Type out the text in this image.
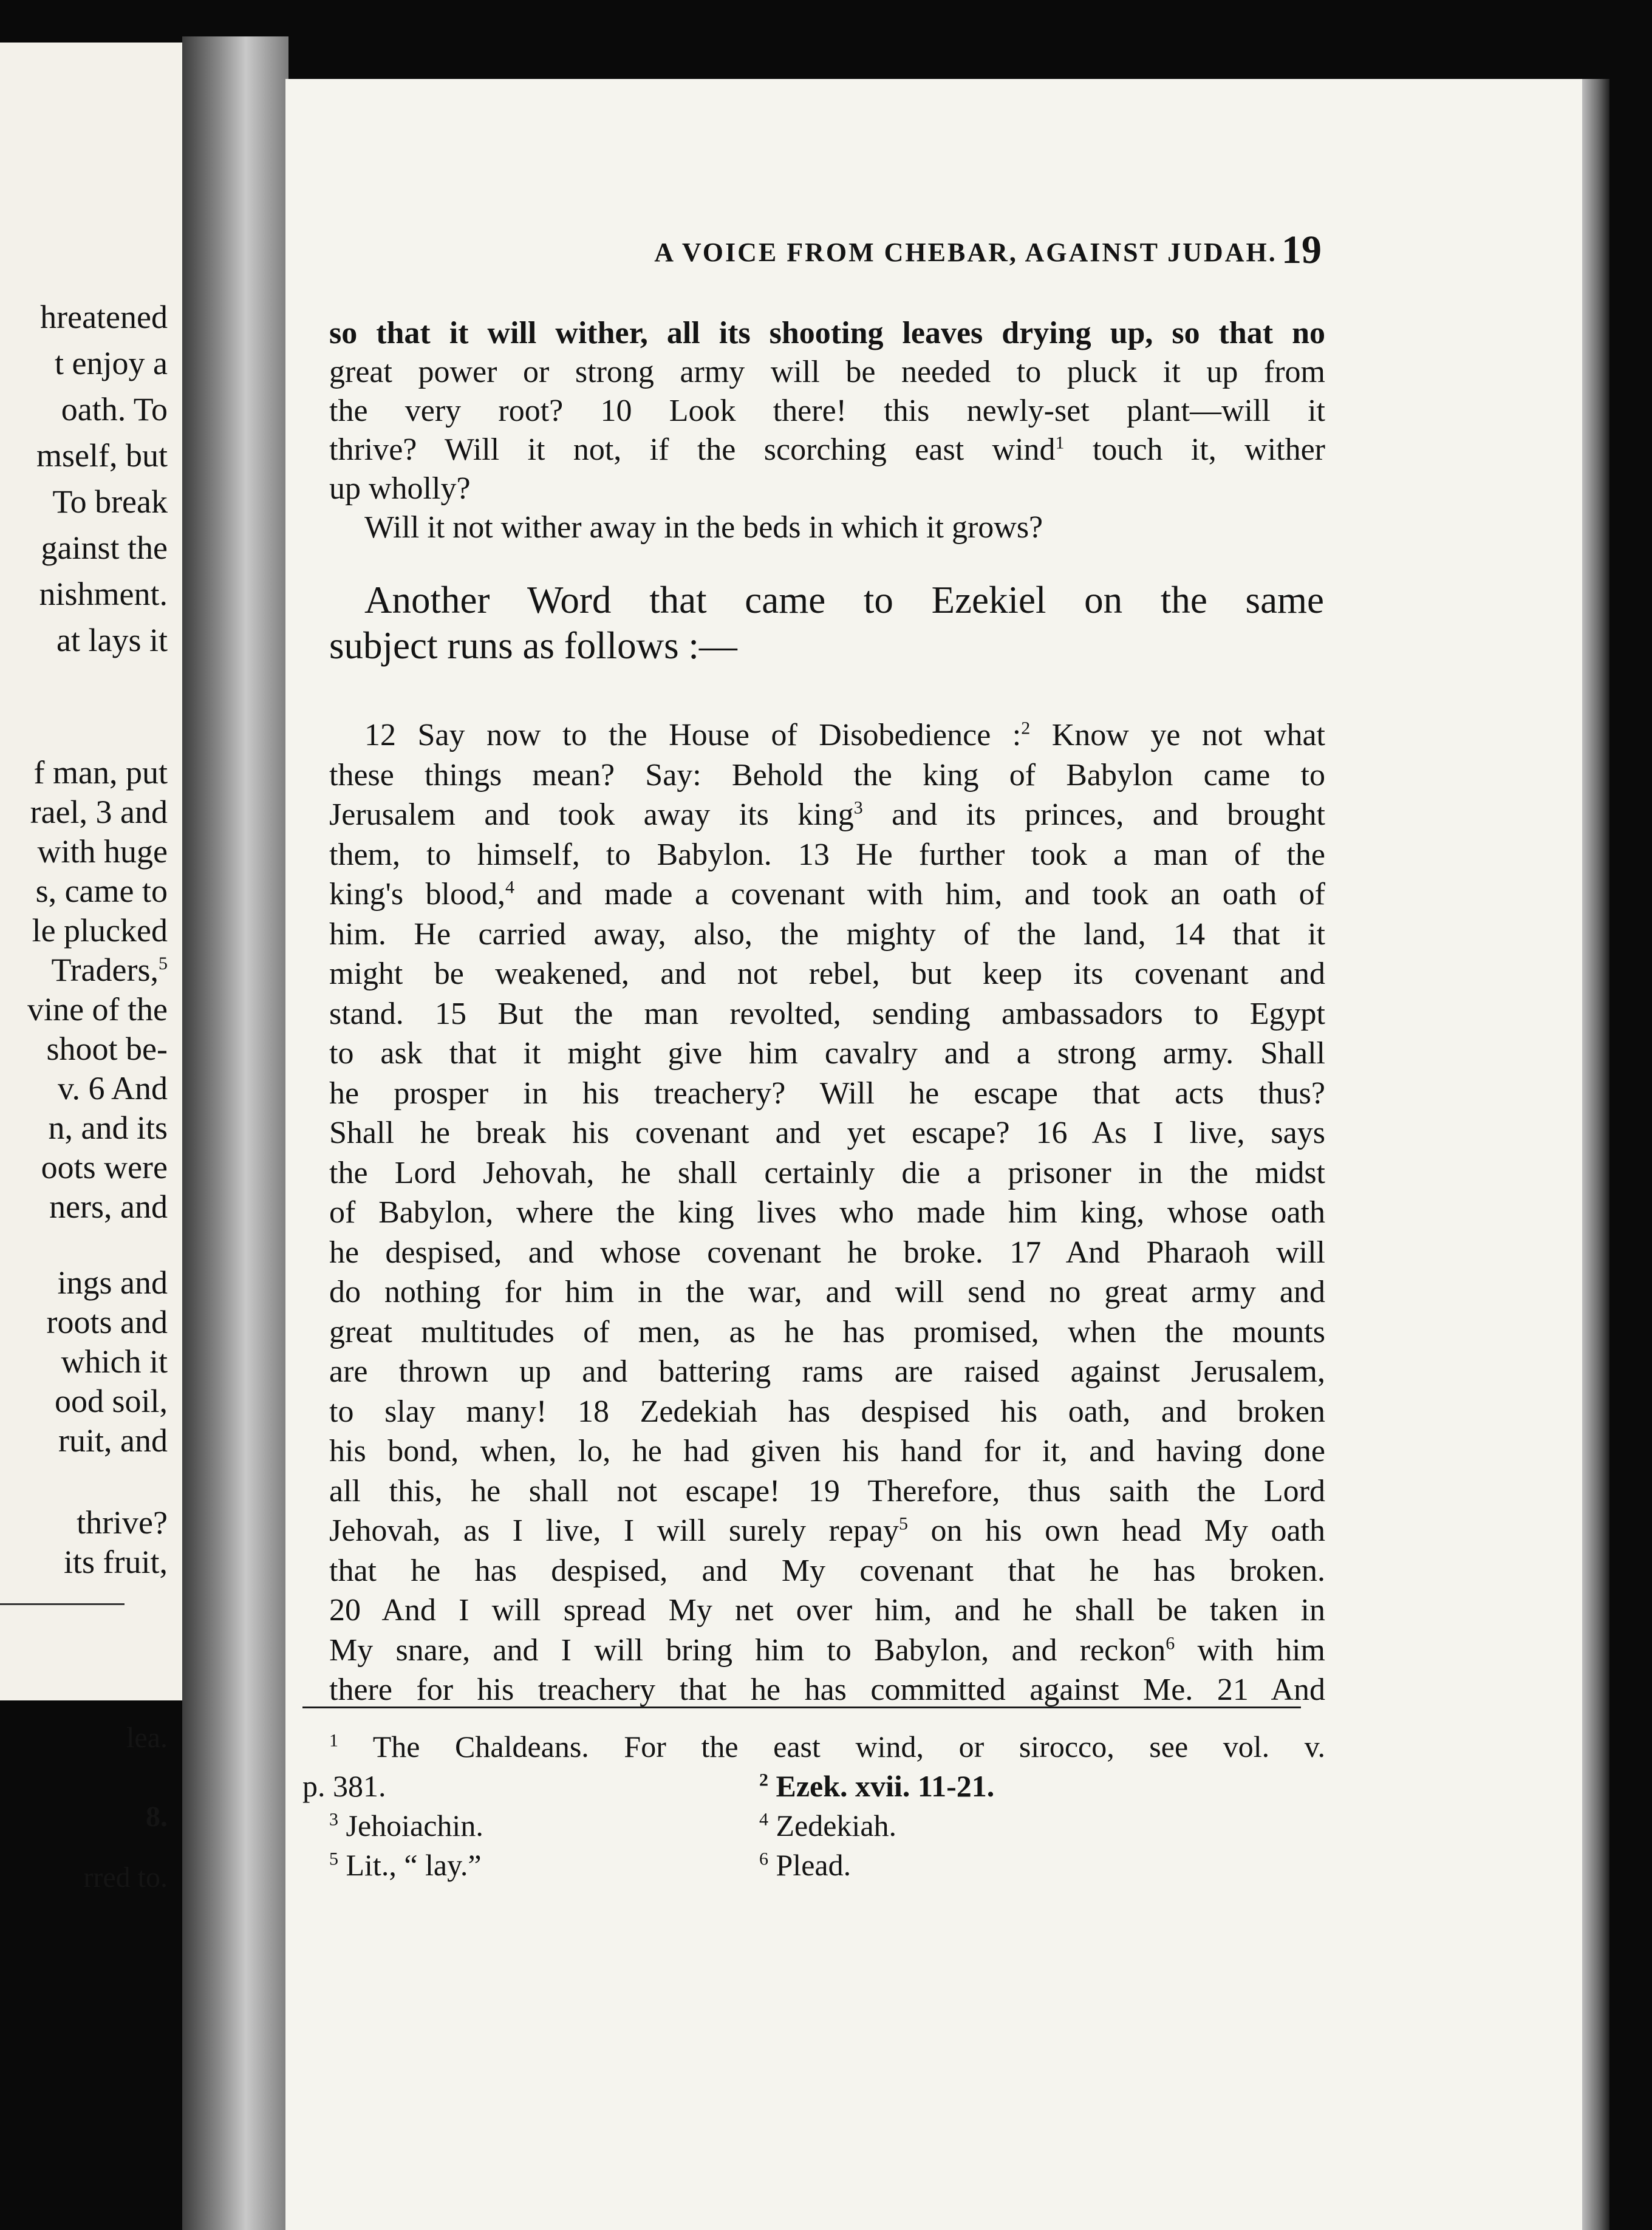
hreatened
t enjoy a
oath. To
mself, but
To break
gainst the
nishment.
at lays it
f man, put
rael, 3 and
with huge
s, came to
le plucked
Traders,$^5$
vine of the
shoot be-
v. 6 And
n, and its
oots were
ners, and
ings and
roots and
which it
ood soil,
ruit, and
thrive?
its fruit,
lea.
8.
rred to.
A VOICE FROM CHEBAR, AGAINST JUDAH. 19
so that it will wither, all its shooting leaves drying up, so that no
great power or strong army will be needed to pluck it up from
the very root? 10 Look there! this newly-set plant—will it
thrive? Will it not, if the scorching east wind$^1$ touch it, wither
up wholly?
Will it not wither away in the beds in which it grows?
Another Word that came to Ezekiel on the same
subject runs as follows :—
12 Say now to the House of Disobedience :$^2$ Know ye not what
these things mean? Say: Behold the king of Babylon came to
Jerusalem and took away its king$^3$ and its princes, and brought
them, to himself, to Babylon. 13 He further took a man of the
king's blood,$^4$ and made a covenant with him, and took an oath of
him. He carried away, also, the mighty of the land, 14 that it
might be weakened, and not rebel, but keep its covenant and
stand. 15 But the man revolted, sending ambassadors to Egypt
to ask that it might give him cavalry and a strong army. Shall
he prosper in his treachery? Will he escape that acts thus?
Shall he break his covenant and yet escape? 16 As I live, says
the Lord Jehovah, he shall certainly die a prisoner in the midst
of Babylon, where the king lives who made him king, whose oath
he despised, and whose covenant he broke. 17 And Pharaoh will
do nothing for him in the war, and will send no great army and
great multitudes of men, as he has promised, when the mounts
are thrown up and battering rams are raised against Jerusalem,
to slay many! 18 Zedekiah has despised his oath, and broken
his bond, when, lo, he had given his hand for it, and having done
all this, he shall not escape! 19 Therefore, thus saith the Lord
Jehovah, as I live, I will surely repay$^5$ on his own head My oath
that he has despised, and My covenant that he has broken.
20 And I will spread My net over him, and he shall be taken in
My snare, and I will bring him to Babylon, and reckon$^6$ with him
there for his treachery that he has committed against Me. 21 And
$^1$ The Chaldeans. For the east wind, or sirocco, see vol. v.
p. 381.	$^2$ Ezek. xvii. 11-21.
$^3$ Jehoiachin.	$^4$ Zedekiah.
$^5$ Lit., “ lay.”	$^6$ Plead.
